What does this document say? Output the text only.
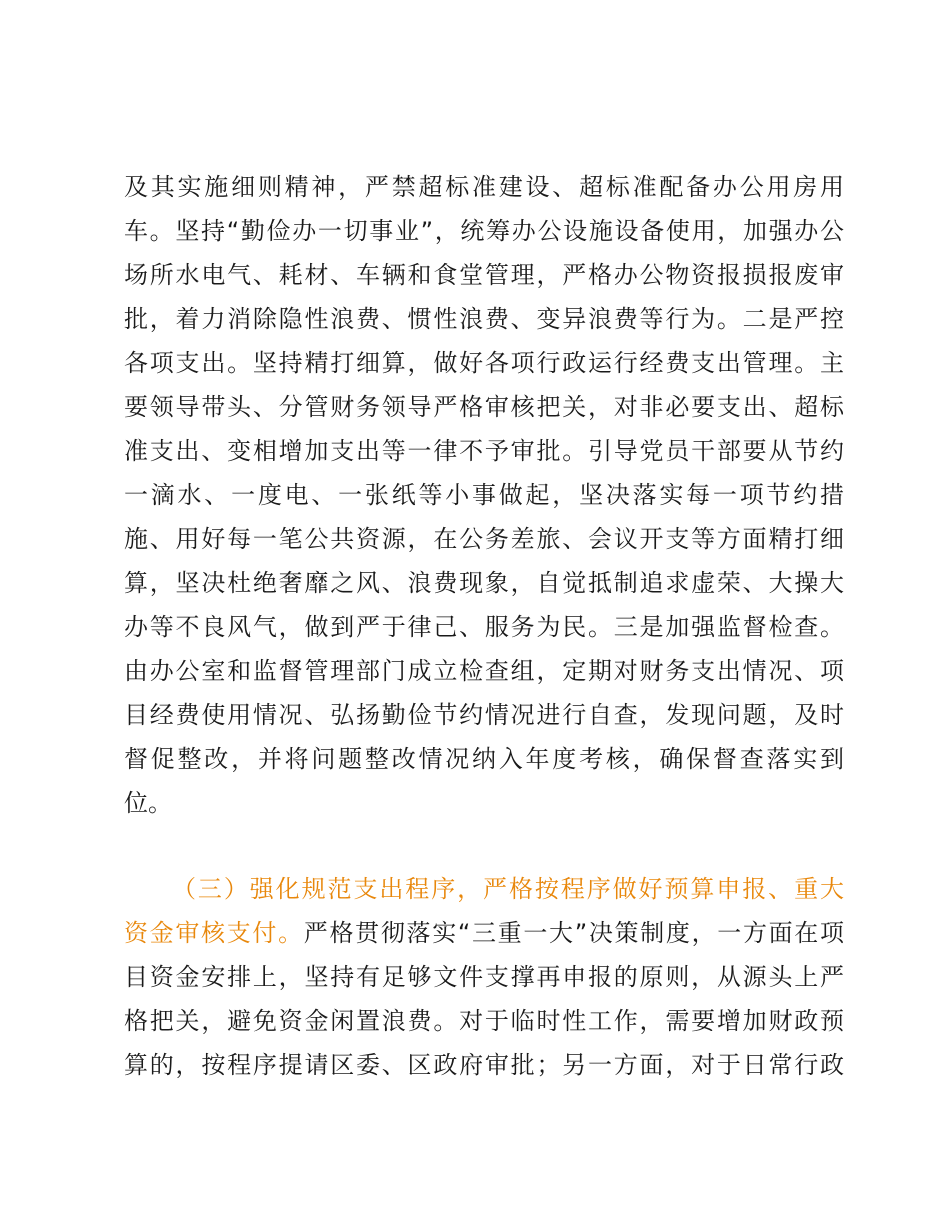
及其实施细则精神，严禁超标准建设、超标准配备办公用房用
车。坚持“勤俭办一切事业”，统筹办公设施设备使用，加强办公
场所水电气、耗材、车辆和食堂管理，严格办公物资报损报废审
批，着力消除隐性浪费、惯性浪费、变异浪费等行为。二是严控
各项支出。坚持精打细算，做好各项行政运行经费支出管理。主
要领导带头、分管财务领导严格审核把关，对非必要支出、超标
准支出、变相增加支出等一律不予审批。引导党员干部要从节约
一滴水、一度电、一张纸等小事做起，坚决落实每一项节约措
施、用好每一笔公共资源，在公务差旅、会议开支等方面精打细
算，坚决杜绝奢靡之风、浪费现象，自觉抵制追求虚荣、大操大
办等不良风气，做到严于律己、服务为民。三是加强监督检查。
由办公室和监督管理部门成立检查组，定期对财务支出情况、项
目经费使用情况、弘扬勤俭节约情况进行自查，发现问题，及时
督促整改，并将问题整改情况纳入年度考核，确保督查落实到
位。
（三）强化规范支出程序，严格按程序做好预算申报、重大
资金审核支付。严格贯彻落实“三重一大”决策制度，一方面在项
目资金安排上，坚持有足够文件支撑再申报的原则，从源头上严
格把关，避免资金闲置浪费。对于临时性工作，需要增加财政预
算的，按程序提请区委、区政府审批；另一方面，对于日常行政
